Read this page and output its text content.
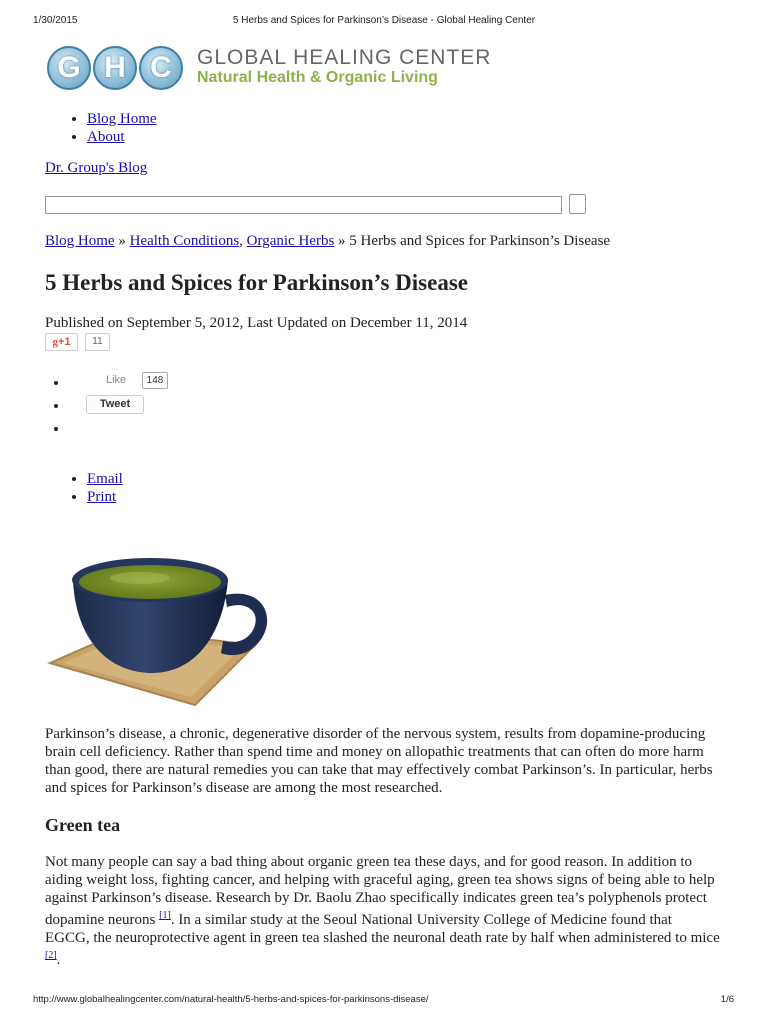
1/30/2015	5 Herbs and Spices for Parkinson’s Disease - Global Healing Center
G H C	GLOBAL HEALING CENTER
Natural Health & Organic Living
• Blog Home
• About
Dr. Group's Blog
Blog Home » Health Conditions, Organic Herbs » 5 Herbs and Spices for Parkinson’s Disease
5 Herbs and Spices for Parkinson’s Disease
Published on September 5, 2012, Last Updated on December 11, 2014
g+1	11
Like	148
Tweet
• Email
• Print
Parkinson’s disease, a chronic, degenerative disorder of the nervous system, results from dopamine-producing brain cell deficiency. Rather than spend time and money on allopathic treatments that can often do more harm than good, there are natural remedies you can take that may effectively combat Parkinson’s. In particular, herbs and spices for Parkinson’s disease are among the most researched.
Green tea
Not many people can say a bad thing about organic green tea these days, and for good reason. In addition to aiding weight loss, fighting cancer, and helping with graceful aging, green tea shows signs of being able to help against Parkinson’s disease. Research by Dr. Baolu Zhao specifically indicates green tea’s polyphenols protect dopamine neurons [1]. In a similar study at the Seoul National University College of Medicine found that EGCG, the neuroprotective agent in green tea slashed the neuronal death rate by half when administered to mice [2].
http://www.globalhealingcenter.com/natural-health/5-herbs-and-spices-for-parkinsons-disease/	1/6
